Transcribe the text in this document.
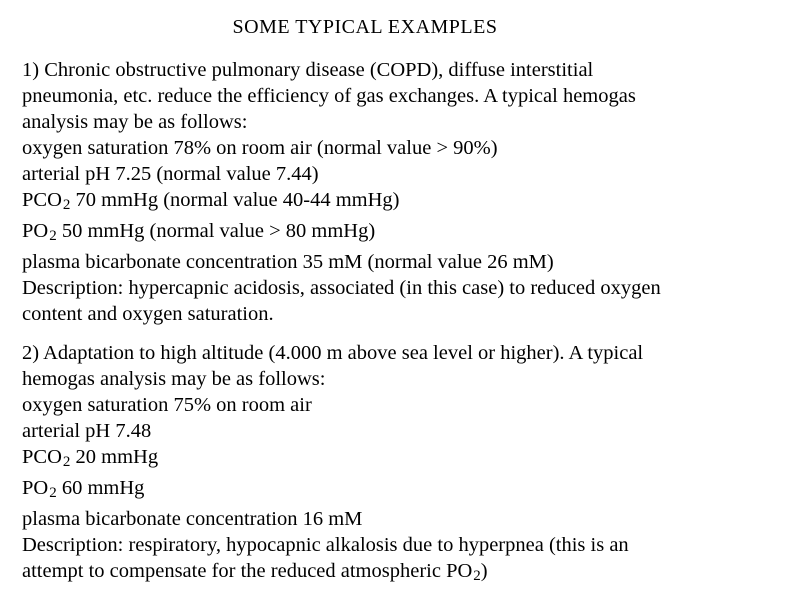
SOME TYPICAL EXAMPLES
1) Chronic obstructive pulmonary disease (COPD), diffuse interstitial
pneumonia, etc. reduce the efficiency of gas exchanges. A typical hemogas
analysis may be as follows:
oxygen saturation 78% on room air (normal value > 90%)
arterial pH 7.25 (normal value 7.44)
$PCO_2$ 70 mmHg (normal value 40-44 mmHg)
$PO_2$ 50 mmHg (normal value > 80 mmHg)
plasma bicarbonate concentration 35 mM (normal value 26 mM)
Description: hypercapnic acidosis, associated (in this case) to reduced oxygen
content and oxygen saturation.
2) Adaptation to high altitude (4.000 m above sea level or higher). A typical
hemogas analysis may be as follows:
oxygen saturation 75% on room air
arterial pH 7.48
$PCO_2$ 20 mmHg
$PO_2$ 60 mmHg
plasma bicarbonate concentration 16 mM
Description: respiratory, hypocapnic alkalosis due to hyperpnea (this is an
attempt to compensate for the reduced atmospheric $PO_2$)
